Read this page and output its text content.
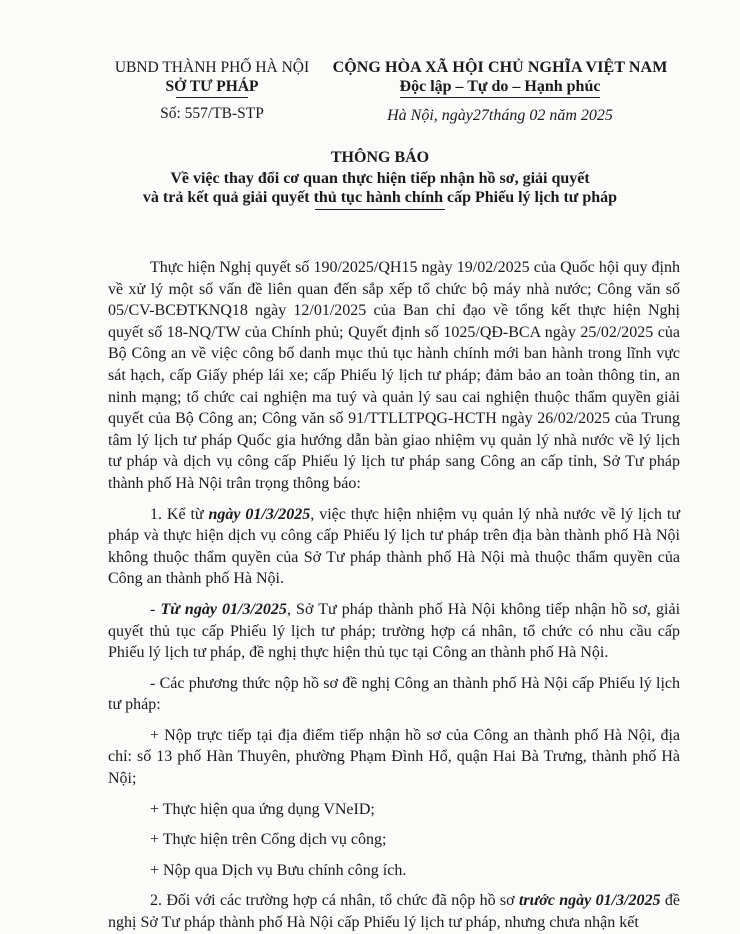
UBND THÀNH PHỐ HÀ NỘI
SỞ TƯ PHÁP
Số: 557/TB-STP
CỘNG HÒA XÃ HỘI CHỦ NGHĨA VIỆT NAM
Độc lập – Tự do – Hạnh phúc
Hà Nội, ngày27tháng 02 năm 2025
THÔNG BÁO
Về việc thay đổi cơ quan thực hiện tiếp nhận hồ sơ, giải quyết
và trả kết quả giải quyết thủ tục hành chính cấp Phiếu lý lịch tư pháp

Thực hiện Nghị quyết số 190/2025/QH15 ngày 19/02/2025 của Quốc hội quy định về xử lý một số vấn đề liên quan đến sắp xếp tổ chức bộ máy nhà nước; Công văn số 05/CV-BCĐTKNQ18 ngày 12/01/2025 của Ban chỉ đạo về tổng kết thực hiện Nghị quyết số 18-NQ/TW của Chính phủ; Quyết định số 1025/QĐ-BCA ngày 25/02/2025 của Bộ Công an về việc công bố danh mục thủ tục hành chính mới ban hành trong lĩnh vực sát hạch, cấp Giấy phép lái xe; cấp Phiếu lý lịch tư pháp; đảm bảo an toàn thông tin, an ninh mạng; tổ chức cai nghiện ma tuý và quản lý sau cai nghiện thuộc thẩm quyền giải quyết của Bộ Công an; Công văn số 91/TTLLTPQG-HCTH ngày 26/02/2025 của Trung tâm lý lịch tư pháp Quốc gia hướng dẫn bàn giao nhiệm vụ quản lý nhà nước về lý lịch tư pháp và dịch vụ công cấp Phiếu lý lịch tư pháp sang Công an cấp tỉnh, Sở Tư pháp thành phố Hà Nội trân trọng thông báo:

1. Kể từ ngày 01/3/2025, việc thực hiện nhiệm vụ quản lý nhà nước về lý lịch tư pháp và thực hiện dịch vụ công cấp Phiếu lý lịch tư pháp trên địa bàn thành phố Hà Nội không thuộc thẩm quyền của Sở Tư pháp thành phố Hà Nội mà thuộc thẩm quyền của Công an thành phố Hà Nội.

- Từ ngày 01/3/2025, Sở Tư pháp thành phố Hà Nội không tiếp nhận hồ sơ, giải quyết thủ tục cấp Phiếu lý lịch tư pháp; trường hợp cá nhân, tổ chức có nhu cầu cấp Phiếu lý lịch tư pháp, đề nghị thực hiện thủ tục tại Công an thành phố Hà Nội.

- Các phương thức nộp hồ sơ đề nghị Công an thành phố Hà Nội cấp Phiếu lý lịch tư pháp:

+ Nộp trực tiếp tại địa điểm tiếp nhận hồ sơ của Công an thành phố Hà Nội, địa chỉ: số 13 phố Hàn Thuyên, phường Phạm Đình Hổ, quận Hai Bà Trưng, thành phố Hà Nội;

+ Thực hiện qua ứng dụng VNeID;

+ Thực hiện trên Cổng dịch vụ công;

+ Nộp qua Dịch vụ Bưu chính công ích.

2. Đối với các trường hợp cá nhân, tổ chức đã nộp hồ sơ trước ngày 01/3/2025 đề nghị Sở Tư pháp thành phố Hà Nội cấp Phiếu lý lịch tư pháp, nhưng chưa nhận kết
